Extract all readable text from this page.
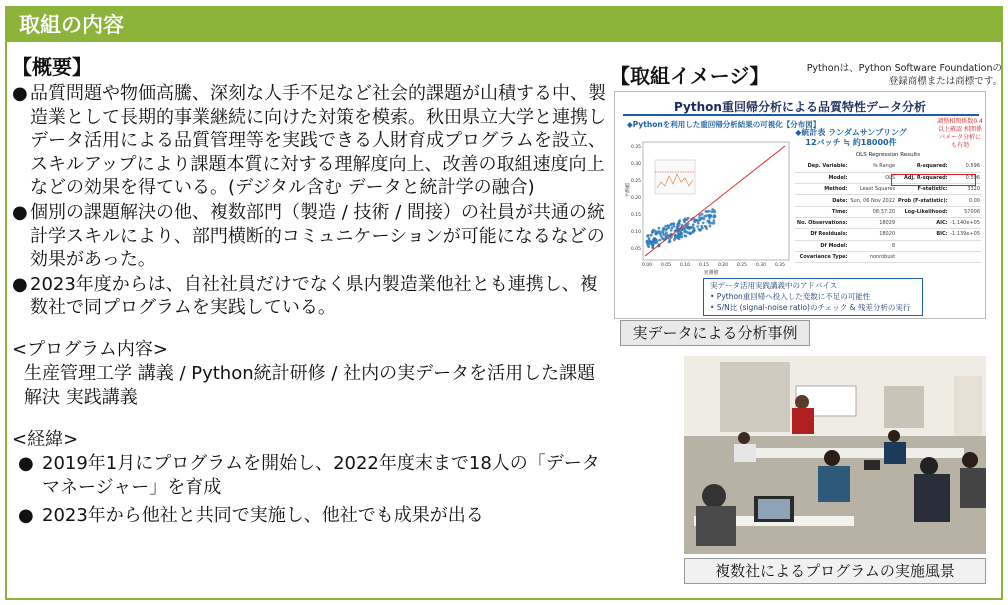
取組の内容
【概要】
● 品質問題や物価高騰、深刻な人手不足など社会的課題が山積する中、製造業として長期的事業継続に向けた対策を模索。秋田県立大学と連携しデータ活用による品質管理等を実践できる人財育成プログラムを設立、スキルアップにより課題本質に対する理解度向上、改善の取組速度向上などの効果を得ている。(デジタル含む データと統計学の融合)
● 個別の課題解決の他、複数部門（製造 / 技術 / 間接）の社員が共通の統計学スキルにより、部門横断的コミュニケーションが可能になるなどの効果があった。
● 2023年度からは、自社社員だけでなく県内製造業他社とも連携し、複数社で同プログラムを実践している。
<プログラム内容>
生産管理工学 講義 / Python統計研修 / 社内の実データを活用した課題解決 実践講義
<経緯>
● 2019年1月にプログラムを開始し、2022年度末まで18人の「データマネージャー」を育成
● 2023年から他社と共同で実施し、他社でも成果が出る
【取組イメージ】	Pythonは、Python Software Foundationの登録商標または商標です。
Python重回帰分析による品質特性データ分析
◆Pythonを利用した重回帰分析結果の可視化【分布図】
◆統計表 ランダムサンプリング12バッチ ≒ 約18000件
調整相関係数0.4以上確認 相関係パメータ分析にも有効
0.35
0.30
0.25
0.20
0.15
0.10
0.05
0.00 0.05 0.10 0.15 0.20 0.25 0.30 0.35
予測値
実測値
OLS Regression Results
Dep. Variable:	fs Range	R-squared:	0.596
Model:	OLS	Adj. R-squared:	0.596
Method:	Least Squares	F-statistic:	3320
Date:	Sun, 06 Nov 2022	Prob (F-statistic):	0.00
Time:	08:37:20	Log-Likelihood:	57006
No. Observations:	18029	AIC:	-1.140e+05
Df Residuals:	18020	BIC:	-1.139e+05
Df Model:	8		
Covariance Type:	nonrobust		
実データ活用実践講義中のアドバイス
• Python重回帰へ投入した変数に不足の可能性
• S/N比 (signal-noise ratio)のチェック & 残差分析の実行
実データによる分析事例
複数社によるプログラムの実施風景
